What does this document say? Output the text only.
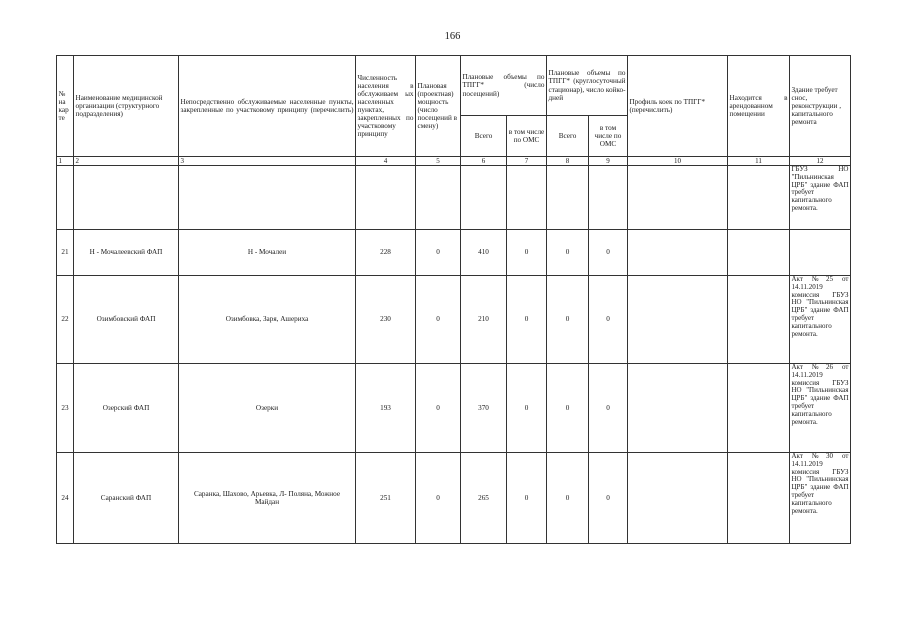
166
№ на кар те	Наименование медицинской организации (структурного подразделения)	Непосредственно обслуживаемые населенные пункты, закрепленные по участковому принципу (перечислить)	Численность населения в обслуживаем ых населенных пунктах, закрепленных по участковому принципу	Плановая (проектная) мощность (число посещений в смену)	Плановые объемы по ТПГГ* (число посещений)		Плановые объемы по ТПГГ* (круглосуточный стационар), число койко-дней		Профиль коек по ТПГГ* (перечислить)	Находится в арендованном помещении	Здание требует снос, реконструкции , капитального ремонта
					Всего	в том числе по ОМС	Всего	в том числе по ОМС			
1	2	3	4	5	6	7	8	9	10	11	12
											ГБУЗ НО "Пильнинская ЦРБ" здание ФАП требует капитального ремонта.
21	Н - Мочалеевский ФАП	Н - Мочалеи	228	0	410	0	0	0			
22	Озимбовский ФАП	Озимбовка, Заря, Ашериха	230	0	210	0	0	0			Акт №25 от 14.11.2019 комиссия ГБУЗ НО "Пильнинская ЦРБ" здание ФАП требует капитального ремонта.
23	Озерский ФАП	Озерки	193	0	370	0	0	0			Акт №26 от 14.11.2019 комиссия ГБУЗ НО "Пильнинская ЦРБ" здание ФАП требует капитального ремонта.
24	Саранский ФАП	Саранка, Шахово, Арьевка, Л- Поляна, Можное Майдан	251	0	265	0	0	0			Акт №30 от 14.11.2019 комиссия ГБУЗ НО "Пильнинская ЦРБ" здание ФАП требует капитального ремонта.
